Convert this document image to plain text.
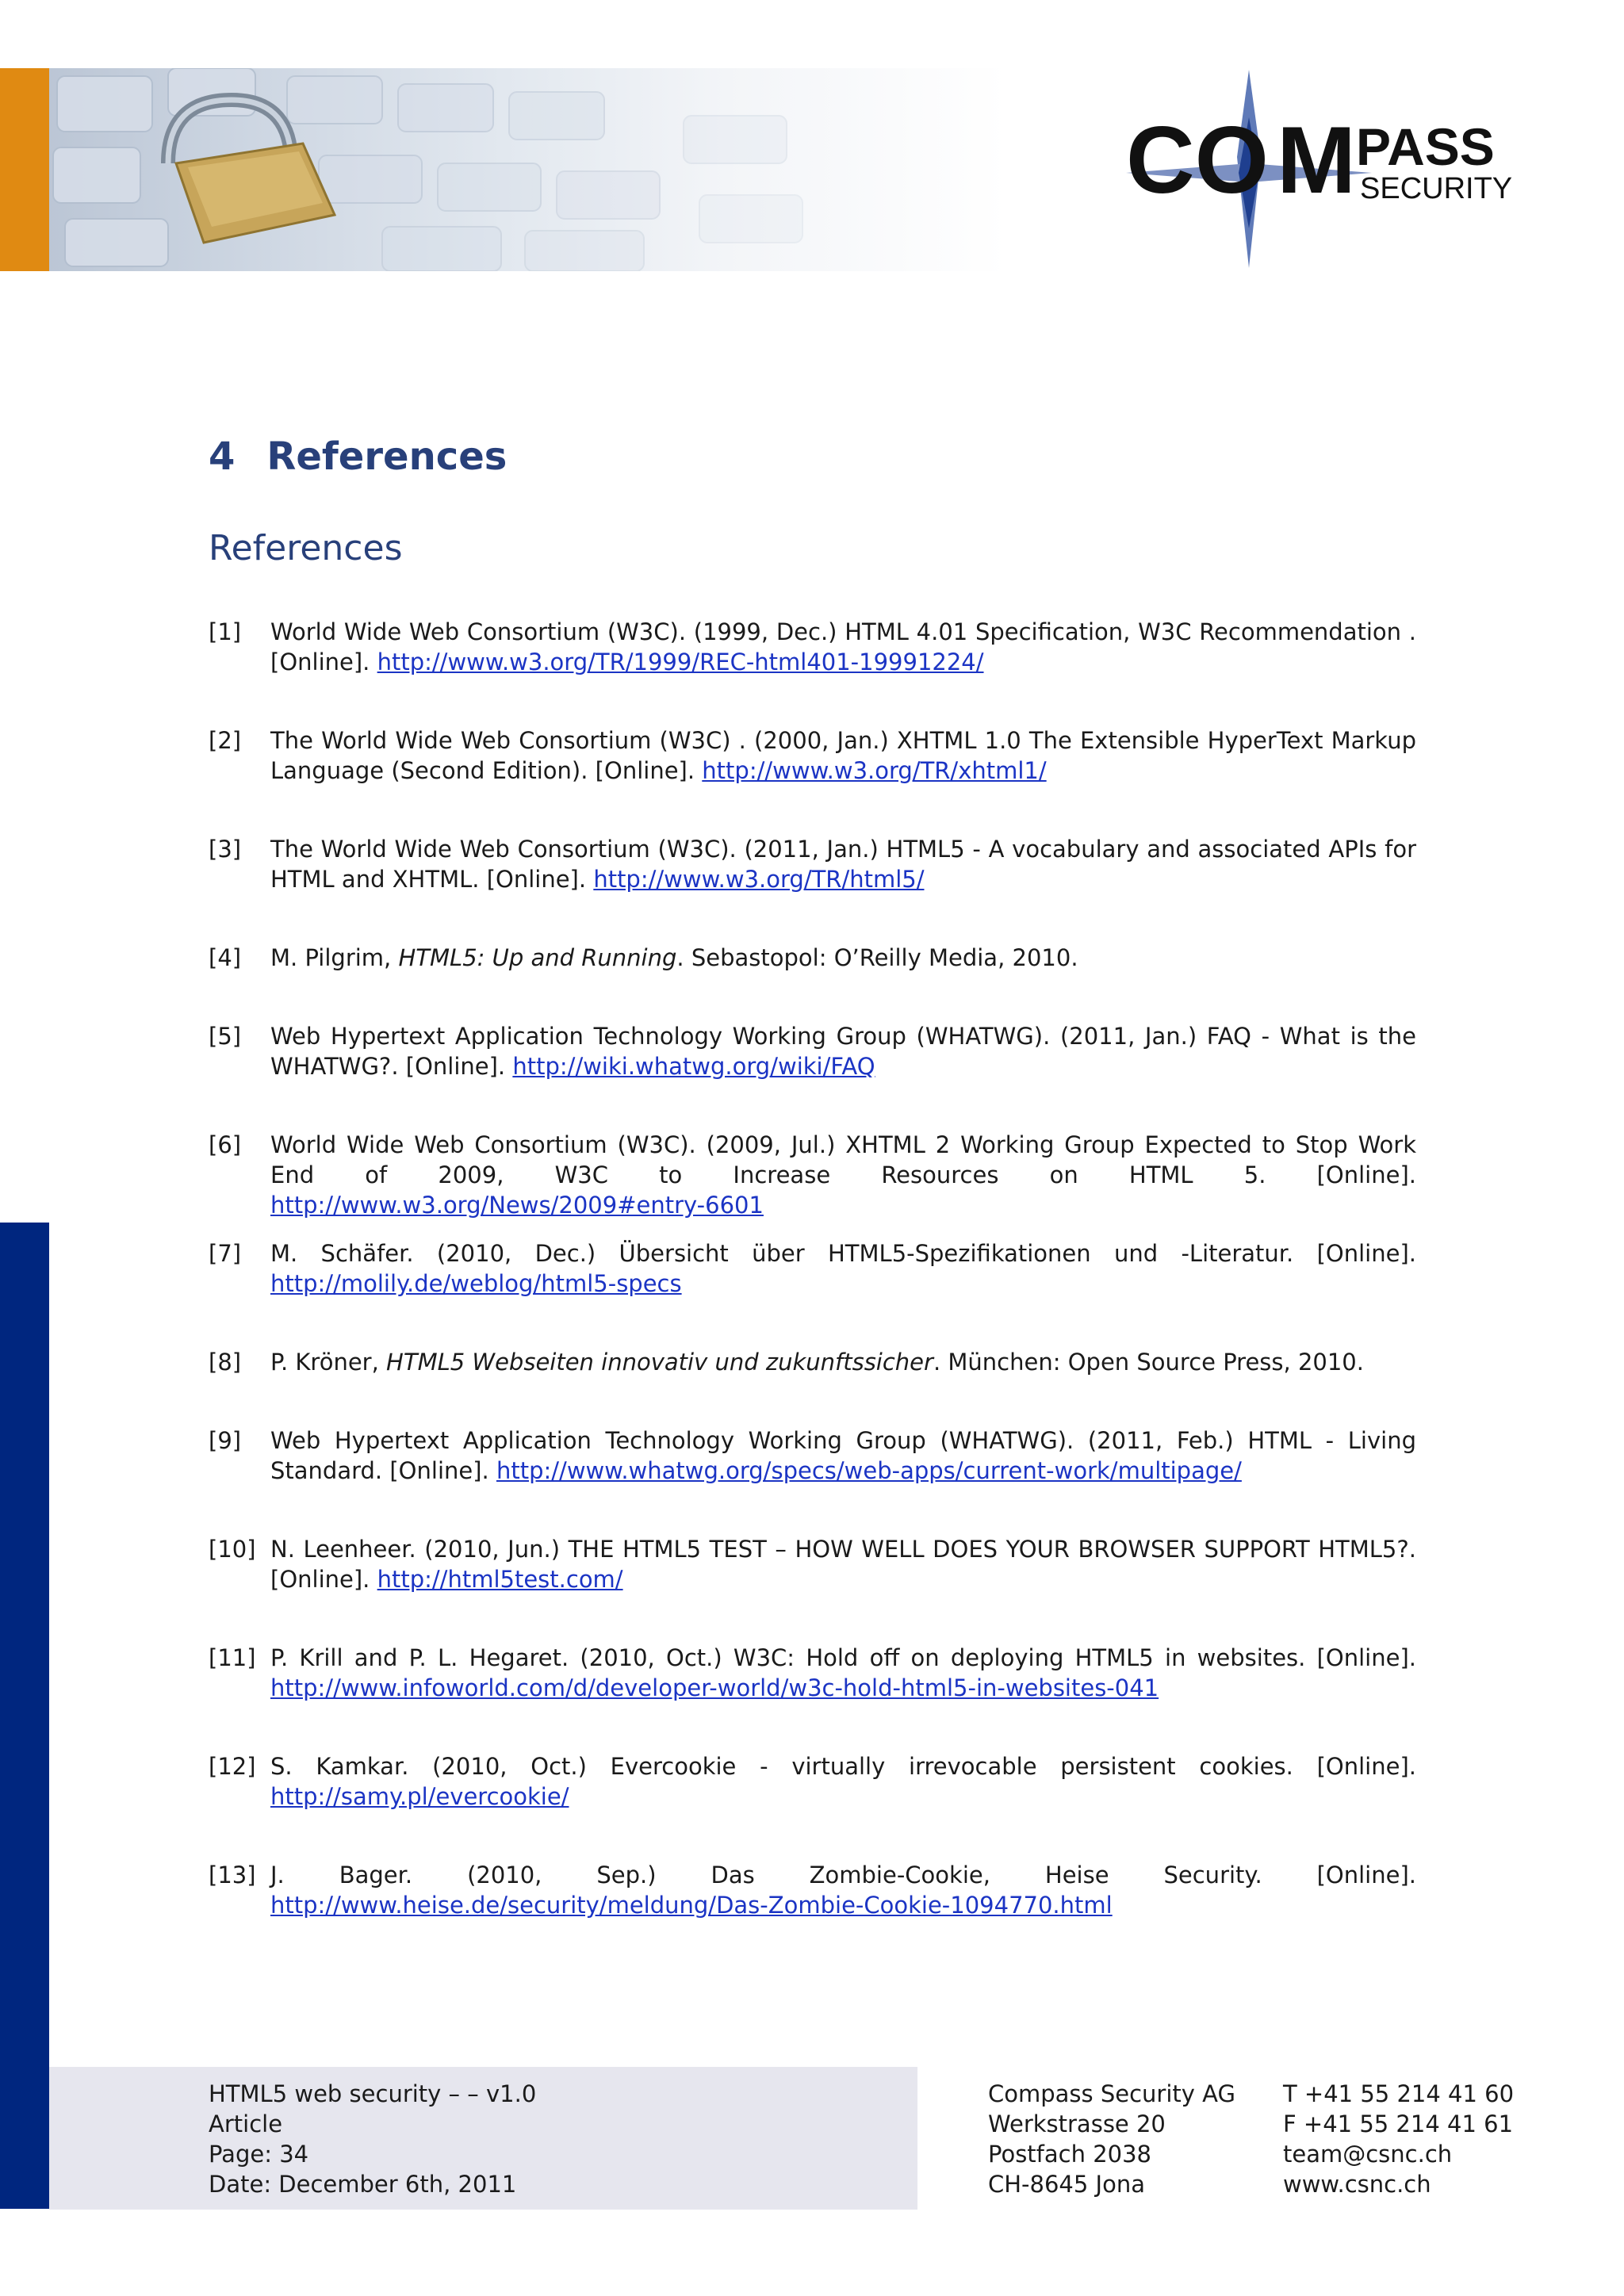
CO M PASS
SECURITY
4 References
References
[1] World Wide Web Consortium (W3C). (1999, Dec.) HTML 4.01 Specification, W3C Recommendation . [Online]. http://www.w3.org/TR/1999/REC-html401-19991224/
[2] The World Wide Web Consortium (W3C) . (2000, Jan.) XHTML 1.0 The Extensible HyperText Markup Language (Second Edition). [Online]. http://www.w3.org/TR/xhtml1/
[3] The World Wide Web Consortium (W3C). (2011, Jan.) HTML5 - A vocabulary and associated APIs for HTML and XHTML. [Online]. http://www.w3.org/TR/html5/
[4] M. Pilgrim, HTML5: Up and Running. Sebastopol: O’Reilly Media, 2010.
[5] Web Hypertext Application Technology Working Group (WHATWG). (2011, Jan.) FAQ - What is the WHATWG?. [Online]. http://wiki.whatwg.org/wiki/FAQ
[6] World Wide Web Consortium (W3C). (2009, Jul.) XHTML 2 Working Group Expected to Stop Work End of 2009, W3C to Increase Resources on HTML 5. [Online]. http://www.w3.org/News/2009#entry-6601
[7] M. Schäfer. (2010, Dec.) Übersicht über HTML5-Spezifikationen und -Literatur. [Online]. http://molily.de/weblog/html5-specs
[8] P. Kröner, HTML5 Webseiten innovativ und zukunftssicher. München: Open Source Press, 2010.
[9] Web Hypertext Application Technology Working Group (WHATWG). (2011, Feb.) HTML - Living Standard. [Online]. http://www.whatwg.org/specs/web-apps/current-work/multipage/
[10] N. Leenheer. (2010, Jun.) THE HTML5 TEST – HOW WELL DOES YOUR BROWSER SUPPORT HTML5?. [Online]. http://html5test.com/
[11] P. Krill and P. L. Hegaret. (2010, Oct.) W3C: Hold off on deploying HTML5 in websites. [Online]. http://www.infoworld.com/d/developer-world/w3c-hold-html5-in-websites-041
[12] S. Kamkar. (2010, Oct.) Evercookie - virtually irrevocable persistent cookies. [Online]. http://samy.pl/evercookie/
[13] J. Bager. (2010, Sep.) Das Zombie-Cookie, Heise Security. [Online]. http://www.heise.de/security/meldung/Das-Zombie-Cookie-1094770.html
HTML5 web security – – v1.0
Article
Page: 34
Date: December 6th, 2011
Compass Security AG
Werkstrasse 20
Postfach 2038
CH-8645 Jona
T +41 55 214 41 60
F +41 55 214 41 61
team@csnc.ch
www.csnc.ch
